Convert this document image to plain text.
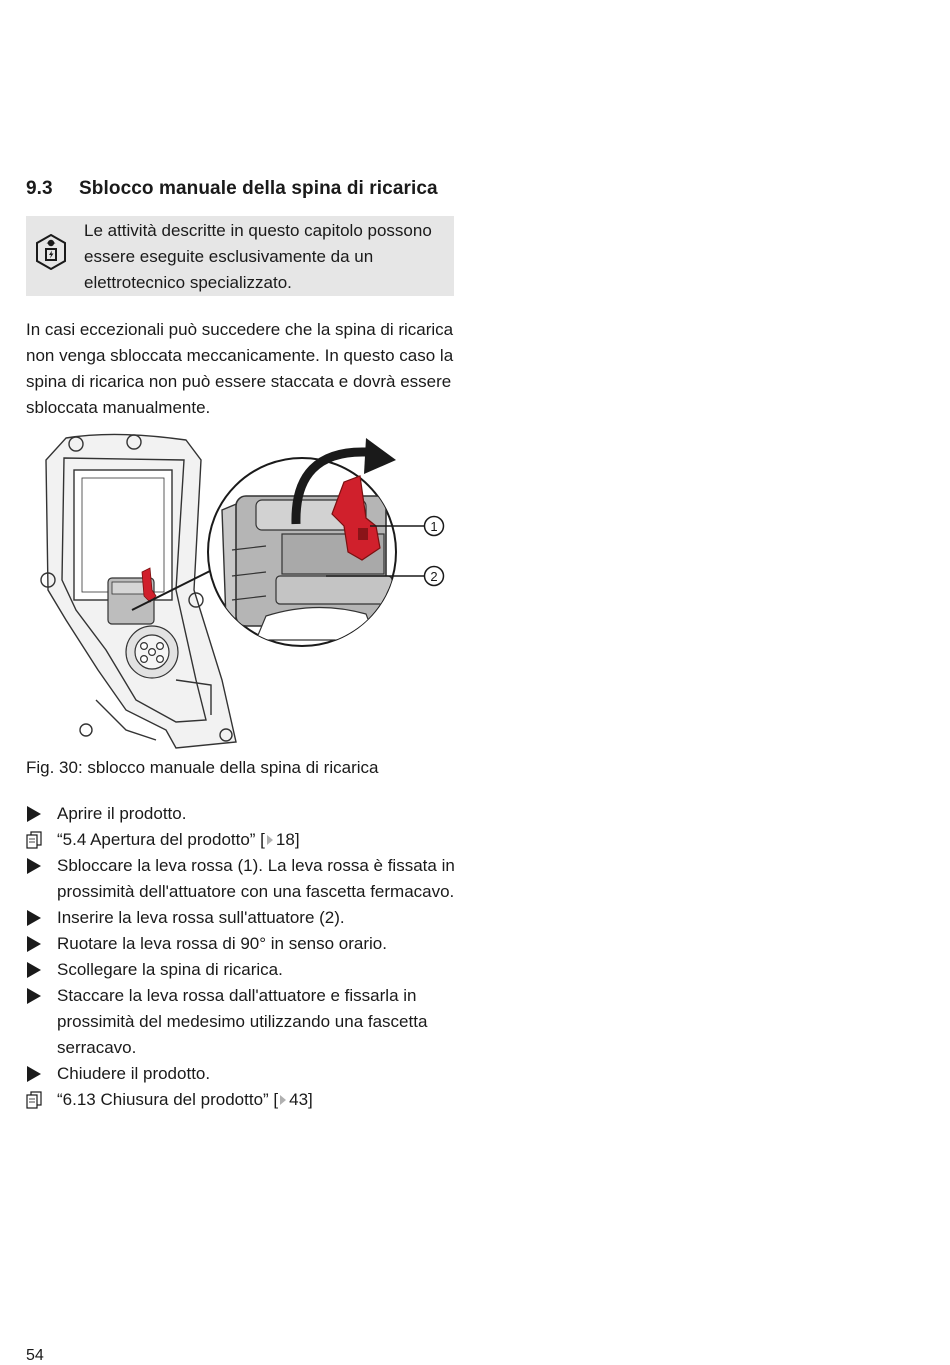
9.3 Sblocco manuale della spina di ricarica
Le attività descritte in questo capitolo possono essere eseguite esclusivamente da un elettrotecnico specializzato.
In casi eccezionali può succedere che la spina di ricarica non venga sbloccata meccanicamente. In questo caso la spina di ricarica non può essere staccata e dovrà essere sbloccata manualmente.
1
2
Fig. 30: sblocco manuale della spina di ricarica
Aprire il prodotto.
“5.4 Apertura del prodotto” [ 18]
Sbloccare la leva rossa (1). La leva rossa è fissata in prossimità dell'attuatore con una fascetta fermacavo.
Inserire la leva rossa sull'attuatore (2).
Ruotare la leva rossa di 90° in senso orario.
Scollegare la spina di ricarica.
Staccare la leva rossa dall'attuatore e fissarla in prossimità del medesimo utilizzando una fascetta serracavo.
Chiudere il prodotto.
“6.13 Chiusura del prodotto” [ 43]
54
